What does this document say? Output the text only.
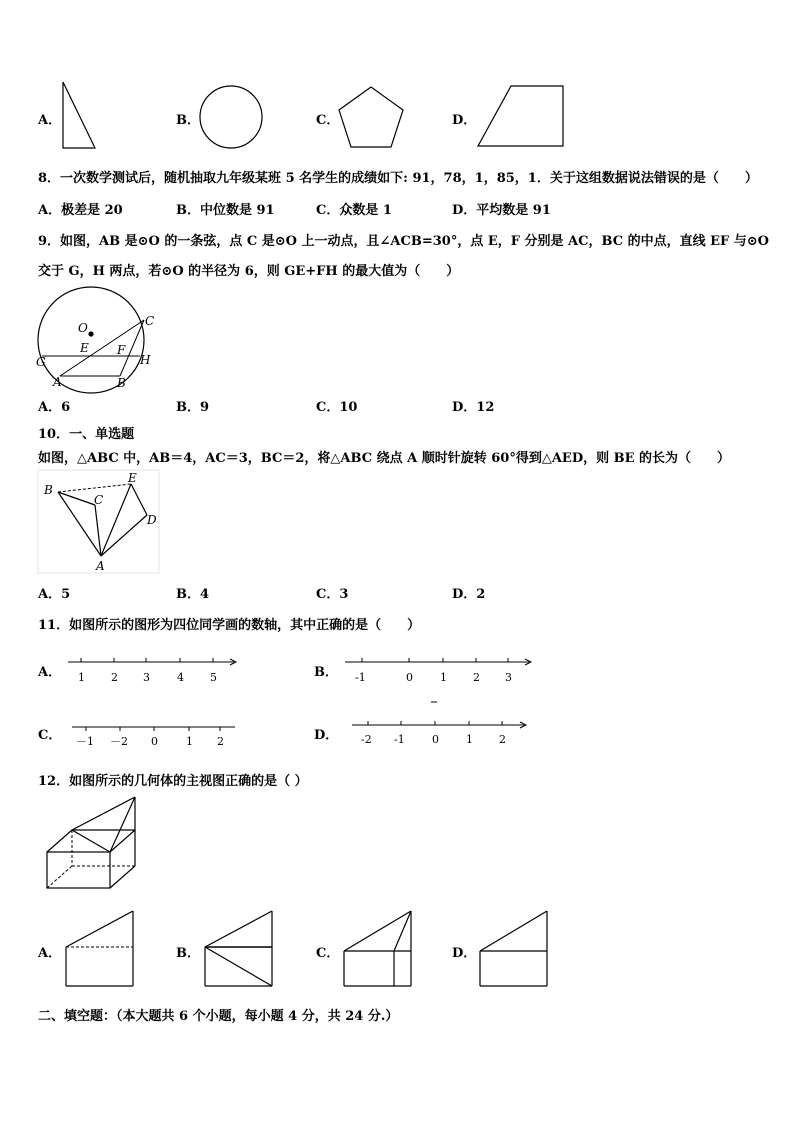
A．	B．	C．	D．
8．一次数学测试后，随机抽取九年级某班 5 名学生的成绩如下: 91，78，1，85，1．关于这组数据说法错误的是（　　）
A．极差是 20	B．中位数是 91	C．众数是 1	D．平均数是 91
9．如图，AB 是⊙O 的一条弦，点 C 是⊙O 上一动点，且∠ACB=30°，点 E，F 分别是 AC，BC 的中点，直线 EF 与⊙O
交于 G，H 两点，若⊙O 的半径为 6，则 GE+FH 的最大值为（　　）
O	C
E F
G	H
A	B
A．6	B．9	C．10	D．12
10．一、单选题
如图，△ABC 中，AB＝4，AC＝3，BC＝2，将△ABC 绕点 A 顺时针旋转 60°得到△AED，则 BE 的长为（　　）
B
C
E
D
A
A．5	B．4	C．3	D．2
11．如图所示的图形为四位同学画的数轴，其中正确的是（　　）
A． 1 2 3 4 5	B． -1	0 1 2 3
C． －1 －2 0	1 2	D． -2 -1 0 1 2
12．如图所示的几何体的主视图正确的是（ ）
A．	B．	C．	D．
二、填空题：（本大题共 6 个小题，每小题 4 分，共 24 分.）
